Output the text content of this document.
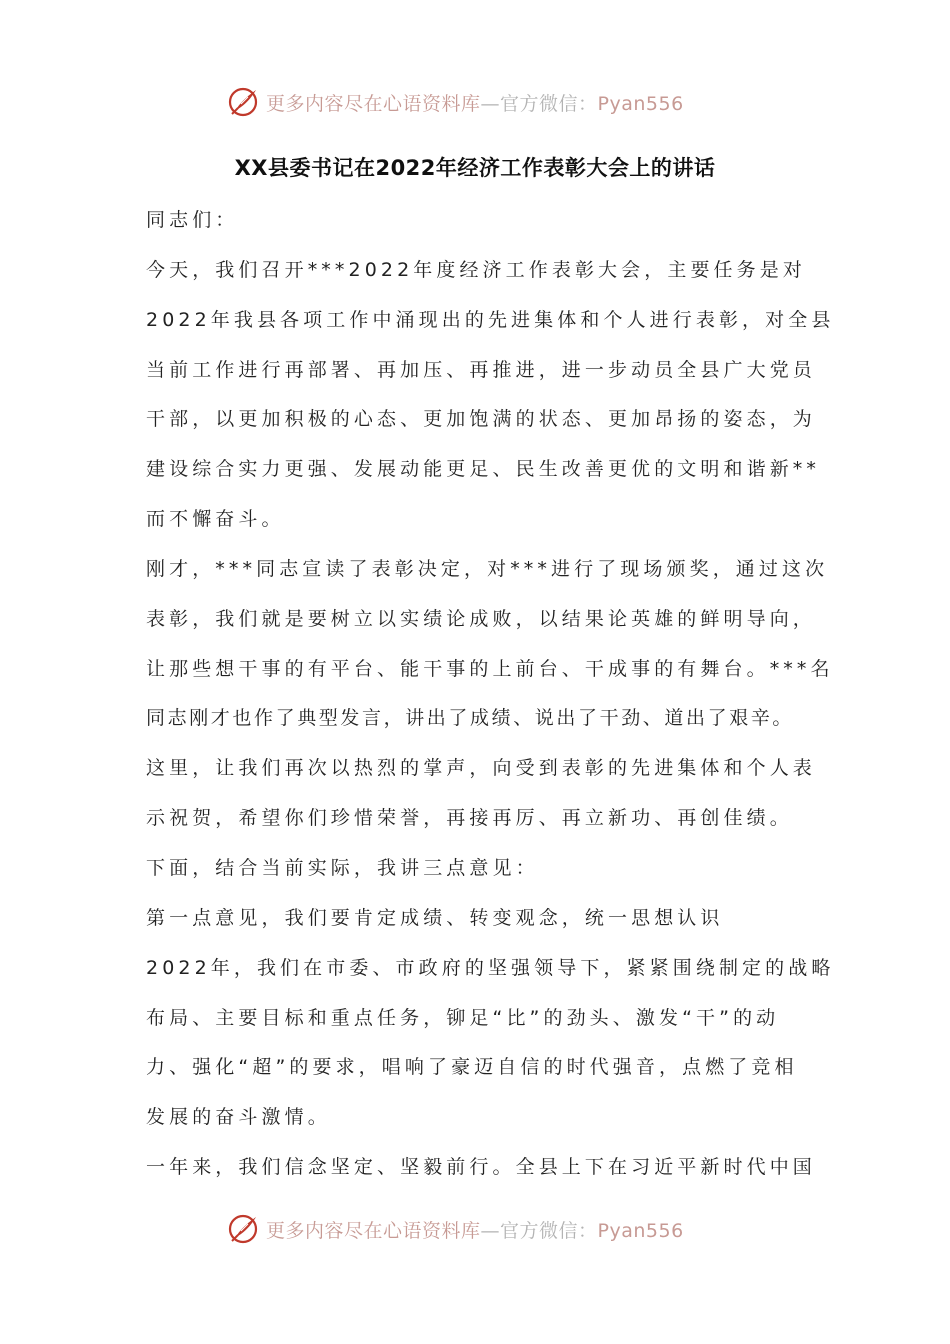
更多内容尽在心语资料库—官方微信：Pyan556
XX县委书记在2022年经济工作表彰大会上的讲话
同志们：
今天，我们召开***2022年度经济工作表彰大会，主要任务是对
2022年我县各项工作中涌现出的先进集体和个人进行表彰，对全县
当前工作进行再部署、再加压、再推进，进一步动员全县广大党员
干部，以更加积极的心态、更加饱满的状态、更加昂扬的姿态，为
建设综合实力更强、发展动能更足、民生改善更优的文明和谐新**
而不懈奋斗。
刚才，***同志宣读了表彰决定，对***进行了现场颁奖，通过这次
表彰，我们就是要树立以实绩论成败，以结果论英雄的鲜明导向，
让那些想干事的有平台、能干事的上前台、干成事的有舞台。***名
同志刚才也作了典型发言，讲出了成绩、说出了干劲、道出了艰辛。
这里，让我们再次以热烈的掌声，向受到表彰的先进集体和个人表
示祝贺，希望你们珍惜荣誉，再接再厉、再立新功、再创佳绩。
下面，结合当前实际，我讲三点意见：
第一点意见，我们要肯定成绩、转变观念，统一思想认识
2022年，我们在市委、市政府的坚强领导下，紧紧围绕制定的战略
布局、主要目标和重点任务，铆足“比”的劲头、激发“干”的动
力、强化“超”的要求，唱响了豪迈自信的时代强音，点燃了竞相
发展的奋斗激情。
一年来，我们信念坚定、坚毅前行。全县上下在习近平新时代中国
更多内容尽在心语资料库—官方微信：Pyan556
